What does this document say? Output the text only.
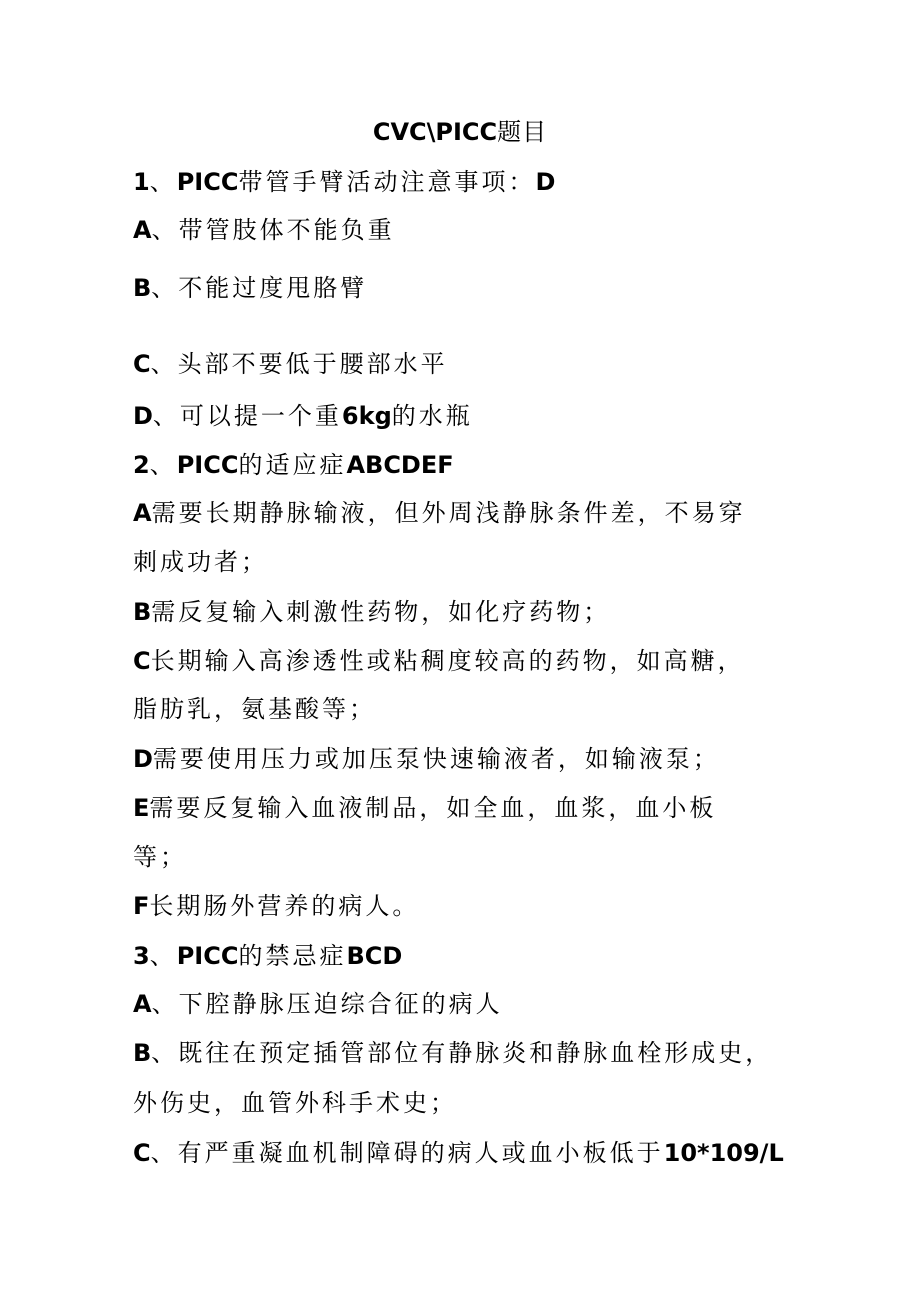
CVC\PICC题目
1、PICC带管手臂活动注意事项：D
A、带管肢体不能负重
B、不能过度甩胳臂
C、头部不要低于腰部水平
D、可以提一个重6kg的水瓶
2、PICC的适应症ABCDEF
A需要长期静脉输液，但外周浅静脉条件差，不易穿
刺成功者；
B需反复输入刺激性药物，如化疗药物；
C长期输入高渗透性或粘稠度较高的药物，如高糖，
脂肪乳，氨基酸等；
D需要使用压力或加压泵快速输液者，如输液泵；
E需要反复输入血液制品，如全血，血浆，血小板
等；
F长期肠外营养的病人。
3、PICC的禁忌症BCD
A、下腔静脉压迫综合征的病人
B、既往在预定插管部位有静脉炎和静脉血栓形成史，
外伤史，血管外科手术史；
C、有严重凝血机制障碍的病人或血小板低于10*109/L
